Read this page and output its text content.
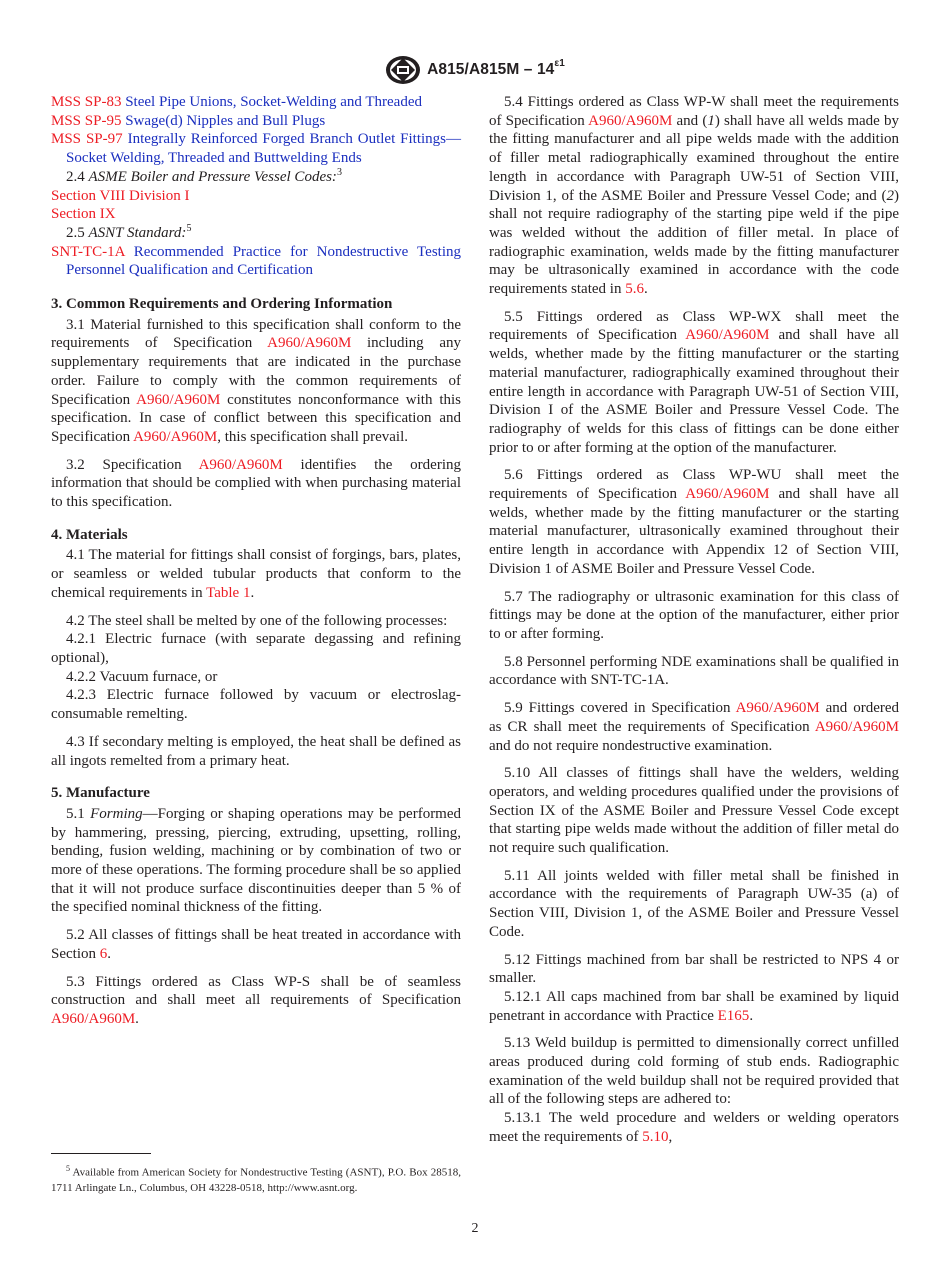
$A815/A815M - 14^{\varepsilon 1}$

MSS SP-83 Steel Pipe Unions, Socket-Welding and Threaded

MSS SP-95 Swage(d) Nipples and Bull Plugs

MSS SP-97 Integrally Reinforced Forged Branch Outlet Fittings—Socket Welding, Threaded and Buttwelding Ends

2.4 ASME Boiler and Pressure Vessel Codes:$^3$

Section VIII Division I

Section IX

2.5 ASNT Standard:$^5$

SNT-TC-1A Recommended Practice for Nondestructive Testing Personnel Qualification and Certification

3. Common Requirements and Ordering Information

3.1 Material furnished to this specification shall conform to the requirements of Specification A960/A960M including any supplementary requirements that are indicated in the purchase order. Failure to comply with the common requirements of Specification A960/A960M constitutes nonconformance with this specification. In case of conflict between this specification and Specification A960/A960M, this specification shall prevail.

3.2 Specification A960/A960M identifies the ordering information that should be complied with when purchasing material to this specification.

4. Materials

4.1 The material for fittings shall consist of forgings, bars, plates, or seamless or welded tubular products that conform to the chemical requirements in Table 1.

4.2 The steel shall be melted by one of the following processes:

4.2.1 Electric furnace (with separate degassing and refining optional),

4.2.2 Vacuum furnace, or

4.2.3 Electric furnace followed by vacuum or electroslag-consumable remelting.

4.3 If secondary melting is employed, the heat shall be defined as all ingots remelted from a primary heat.

5. Manufacture

5.1 Forming—Forging or shaping operations may be performed by hammering, pressing, piercing, extruding, upsetting, rolling, bending, fusion welding, machining or by combination of two or more of these operations. The forming procedure shall be so applied that it will not produce surface discontinuities deeper than 5 % of the specified nominal thickness of the fitting.

5.2 All classes of fittings shall be heat treated in accordance with Section 6.

5.3 Fittings ordered as Class WP-S shall be of seamless construction and shall meet all requirements of Specification A960/A960M.

5.4 Fittings ordered as Class WP-W shall meet the requirements of Specification A960/A960M and (1) shall have all welds made by the fitting manufacturer and all pipe welds made with the addition of filler metal radiographically examined throughout the entire length in accordance with Paragraph UW-51 of Section VIII, Division 1, of the ASME Boiler and Pressure Vessel Code; and (2) shall not require radiography of the starting pipe weld if the pipe was welded without the addition of filler metal. In place of radiographic examination, welds made by the fitting manufacturer may be ultrasonically examined in accordance with the code requirements stated in 5.6.

5.5 Fittings ordered as Class WP-WX shall meet the requirements of Specification A960/A960M and shall have all welds, whether made by the fitting manufacturer or the starting material manufacturer, radiographically examined throughout their entire length in accordance with Paragraph UW-51 of Section VIII, Division I of the ASME Boiler and Pressure Vessel Code. The radiography of welds for this class of fittings can be done either prior to or after forming at the option of the manufacturer.

5.6 Fittings ordered as Class WP-WU shall meet the requirements of Specification A960/A960M and shall have all welds, whether made by the fitting manufacturer or the starting material manufacturer, ultrasonically examined throughout their entire length in accordance with Appendix 12 of Section VIII, Division 1 of ASME Boiler and Pressure Vessel Code.

5.7 The radiography or ultrasonic examination for this class of fittings may be done at the option of the manufacturer, either prior to or after forming.

5.8 Personnel performing NDE examinations shall be qualified in accordance with SNT-TC-1A.

5.9 Fittings covered in Specification A960/A960M and ordered as CR shall meet the requirements of Specification A960/A960M and do not require nondestructive examination.

5.10 All classes of fittings shall have the welders, welding operators, and welding procedures qualified under the provisions of Section IX of the ASME Boiler and Pressure Vessel Code except that starting pipe welds made without the addition of filler metal do not require such qualification.

5.11 All joints welded with filler metal shall be finished in accordance with the requirements of Paragraph UW-35 (a) of Section VIII, Division 1, of the ASME Boiler and Pressure Vessel Code.

5.12 Fittings machined from bar shall be restricted to NPS 4 or smaller.

5.12.1 All caps machined from bar shall be examined by liquid penetrant in accordance with Practice E165.

5.13 Weld buildup is permitted to dimensionally correct unfilled areas produced during cold forming of stub ends. Radiographic examination of the weld buildup shall not be required provided that all of the following steps are adhered to:

5.13.1 The weld procedure and welders or welding operators meet the requirements of 5.10,

$^5$ Available from American Society for Nondestructive Testing (ASNT), P.O. Box 28518, 1711 Arlingate Ln., Columbus, OH 43228-0518, http://www.asnt.org.

2
